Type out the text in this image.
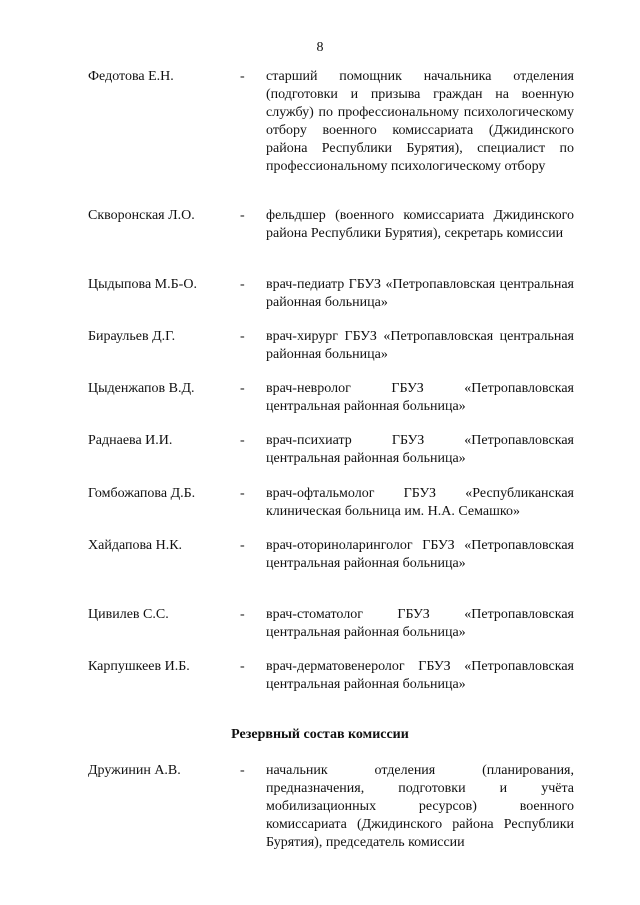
8
Федотова Е.Н.	-	старший помощник начальника отделения (подготовки и призыва граждан на военную службу) по профессиональному психологическому отбору военного комиссариата (Джидинского района Республики Бурятия), специалист по профессиональному психологическому отбору
Скворонская Л.О.	-	фельдшер (военного комиссариата Джидинского района Республики Бурятия), секретарь комиссии
Цыдыпова М.Б-О.	-	врач-педиатр ГБУЗ «Петропавловская центральная районная больница»
Бираульев Д.Г.	-	врач-хирург ГБУЗ «Петропавловская центральная районная больница»
Цыденжапов В.Д.	-	врач-невролог ГБУЗ «Петропавловская центральная районная больница»
Раднаева И.И.	-	врач-психиатр ГБУЗ «Петропавловская центральная районная больница»
Гомбожапова Д.Б.	-	врач-офтальмолог ГБУЗ «Республиканская клиническая больница им. Н.А. Семашко»
Хайдапова Н.К.	-	врач-оториноларинголог ГБУЗ «Петропавловская центральная районная больница»
Цивилев С.С.	-	врач-стоматолог ГБУЗ «Петропавловская центральная районная больница»
Карпушкеев И.Б.	-	врач-дерматовенеролог ГБУЗ «Петропавловская центральная районная больница»
Резервный состав комиссии
Дружинин А.В.	-	начальник отделения (планирования, предназначения, подготовки и учёта мобилизационных ресурсов) военного комиссариата (Джидинского района Республики Бурятия), председатель комиссии
